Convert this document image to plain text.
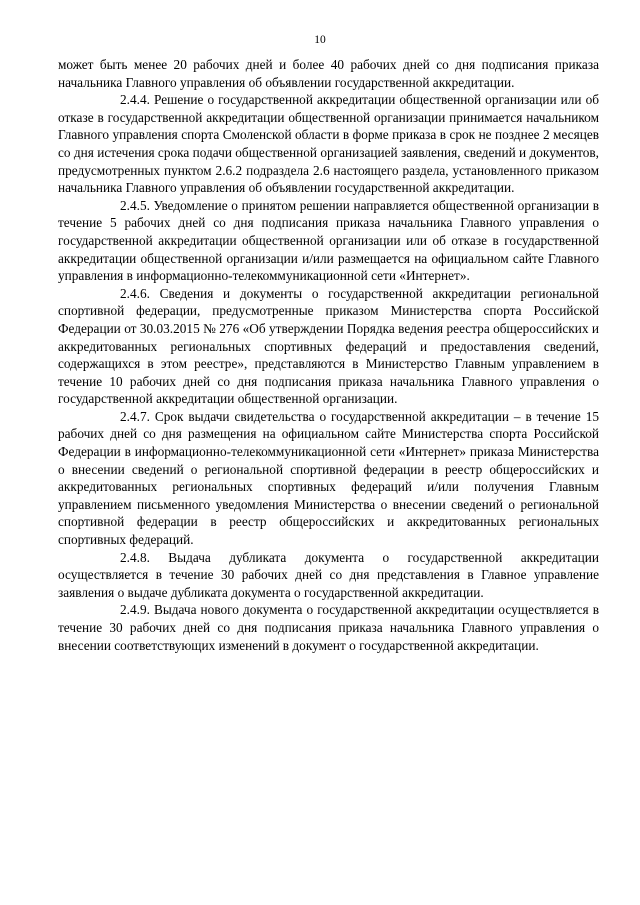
10

может быть менее 20 рабочих дней и более 40 рабочих дней со дня подписания приказа начальника Главного управления об объявлении государственной аккредитации.

2.4.4. Решение о государственной аккредитации общественной организации или об отказе в государственной аккредитации общественной организации принимается начальником Главного управления спорта Смоленской области в форме приказа в срок не позднее 2 месяцев со дня истечения срока подачи общественной организацией заявления, сведений и документов, предусмотренных пунктом 2.6.2 подраздела 2.6 настоящего раздела, установленного приказом начальника Главного управления об объявлении государственной аккредитации.

2.4.5. Уведомление о принятом решении направляется общественной организации в течение 5 рабочих дней со дня подписания приказа начальника Главного управления о государственной аккредитации общественной организации или об отказе в государственной аккредитации общественной организации и/или размещается на официальном сайте Главного управления в информационно-телекоммуникационной сети «Интернет».

2.4.6. Сведения и документы о государственной аккредитации региональной спортивной федерации, предусмотренные приказом Министерства спорта Российской Федерации от 30.03.2015 № 276 «Об утверждении Порядка ведения реестра общероссийских и аккредитованных региональных спортивных федераций и предоставления сведений, содержащихся в этом реестре», представляются в Министерство Главным управлением в течение 10 рабочих дней со дня подписания приказа начальника Главного управления о государственной аккредитации общественной организации.

2.4.7. Срок выдачи свидетельства о государственной аккредитации – в течение 15 рабочих дней со дня размещения на официальном сайте Министерства спорта Российской Федерации в информационно-телекоммуникационной сети «Интернет» приказа Министерства о внесении сведений о региональной спортивной федерации в реестр общероссийских и аккредитованных региональных спортивных федераций и/или получения Главным управлением письменного уведомления Министерства о внесении сведений о региональной спортивной федерации в реестр общероссийских и аккредитованных региональных спортивных федераций.

2.4.8. Выдача дубликата документа о государственной аккредитации осуществляется в течение 30 рабочих дней со дня представления в Главное управление заявления о выдаче дубликата документа о государственной аккредитации.

2.4.9. Выдача нового документа о государственной аккредитации осуществляется в течение 30 рабочих дней со дня подписания приказа начальника Главного управления о внесении соответствующих изменений в документ о государственной аккредитации.
